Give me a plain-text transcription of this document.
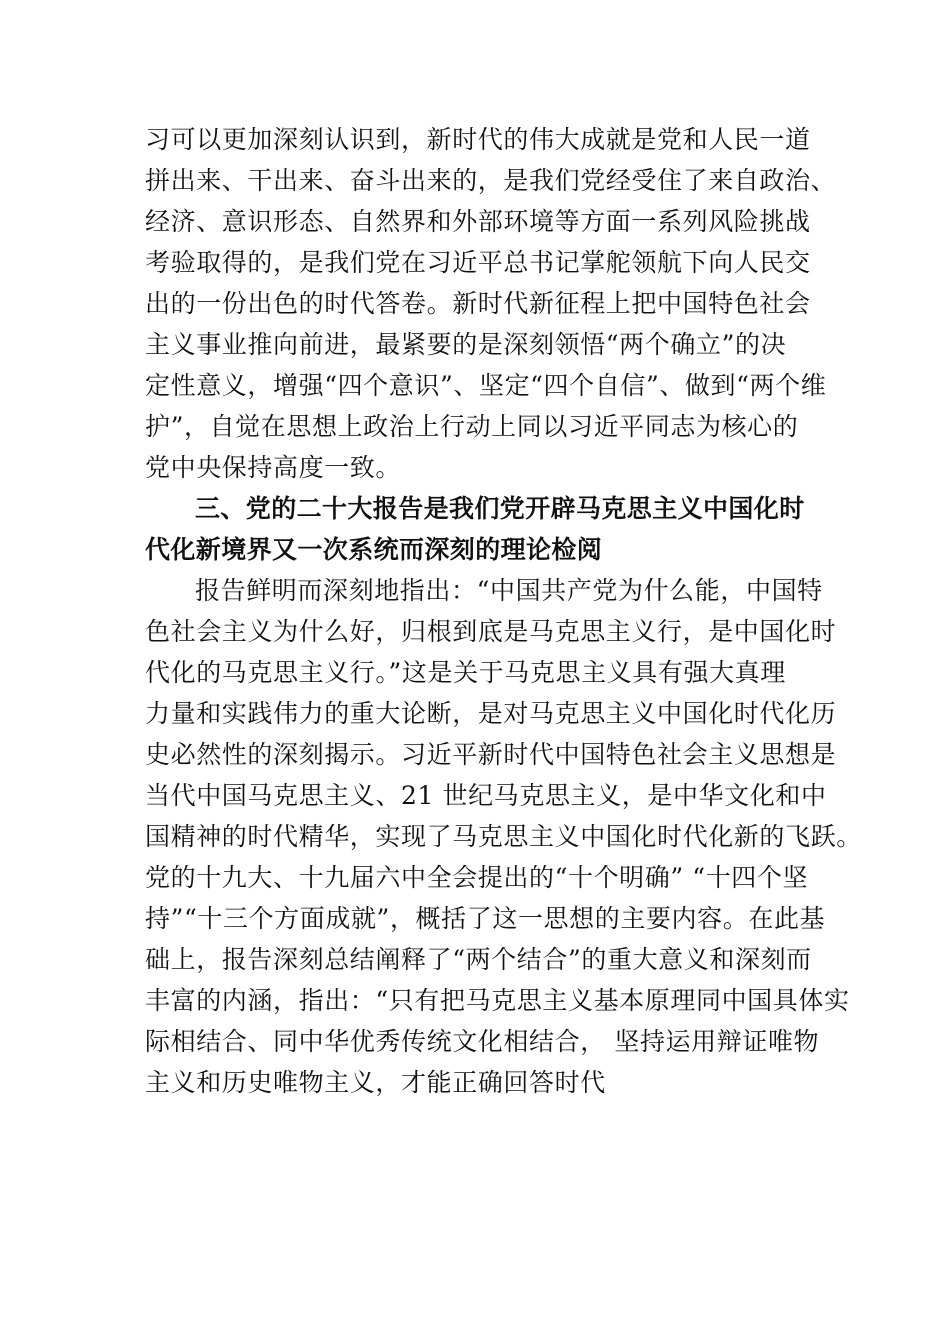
习可以更加深刻认识到，新时代的伟大成就是党和人民一道
拼出来、干出来、奋斗出来的，是我们党经受住了来自政治、
经济、意识形态、自然界和外部环境等方面一系列风险挑战
考验取得的，是我们党在习近平总书记掌舵领航下向人民交
出的一份出色的时代答卷。新时代新征程上把中国特色社会
主义事业推向前进，最紧要的是深刻领悟“两个确立”的决
定性意义，增强“四个意识”、坚定“四个自信”、做到“两个维
护”，自觉在思想上政治上行动上同以习近平同志为核心的
党中央保持高度一致。
三、党的二十大报告是我们党开辟马克思主义中国化时
代化新境界又一次系统而深刻的理论检阅
报告鲜明而深刻地指出：“中国共产党为什么能，中国特
色社会主义为什么好，归根到底是马克思主义行，是中国化时
代化的马克思主义行。”这是关于马克思主义具有强大真理
力量和实践伟力的重大论断，是对马克思主义中国化时代化历
史必然性的深刻揭示。习近平新时代中国特色社会主义思想是
当代中国马克思主义、21 世纪马克思主义，是中华文化和中
国精神的时代精华，实现了马克思主义中国化时代化新的飞跃。
党的十九大、十九届六中全会提出的“十个明确” “十四个坚
持”“十三个方面成就”，概括了这一思想的主要内容。在此基
础上，报告深刻总结阐释了“两个结合”的重大意义和深刻而
丰富的内涵，指出：“只有把马克思主义基本原理同中国具体实
际相结合、同中华优秀传统文化相结合， 坚持运用辩证唯物
主义和历史唯物主义，才能正确回答时代
